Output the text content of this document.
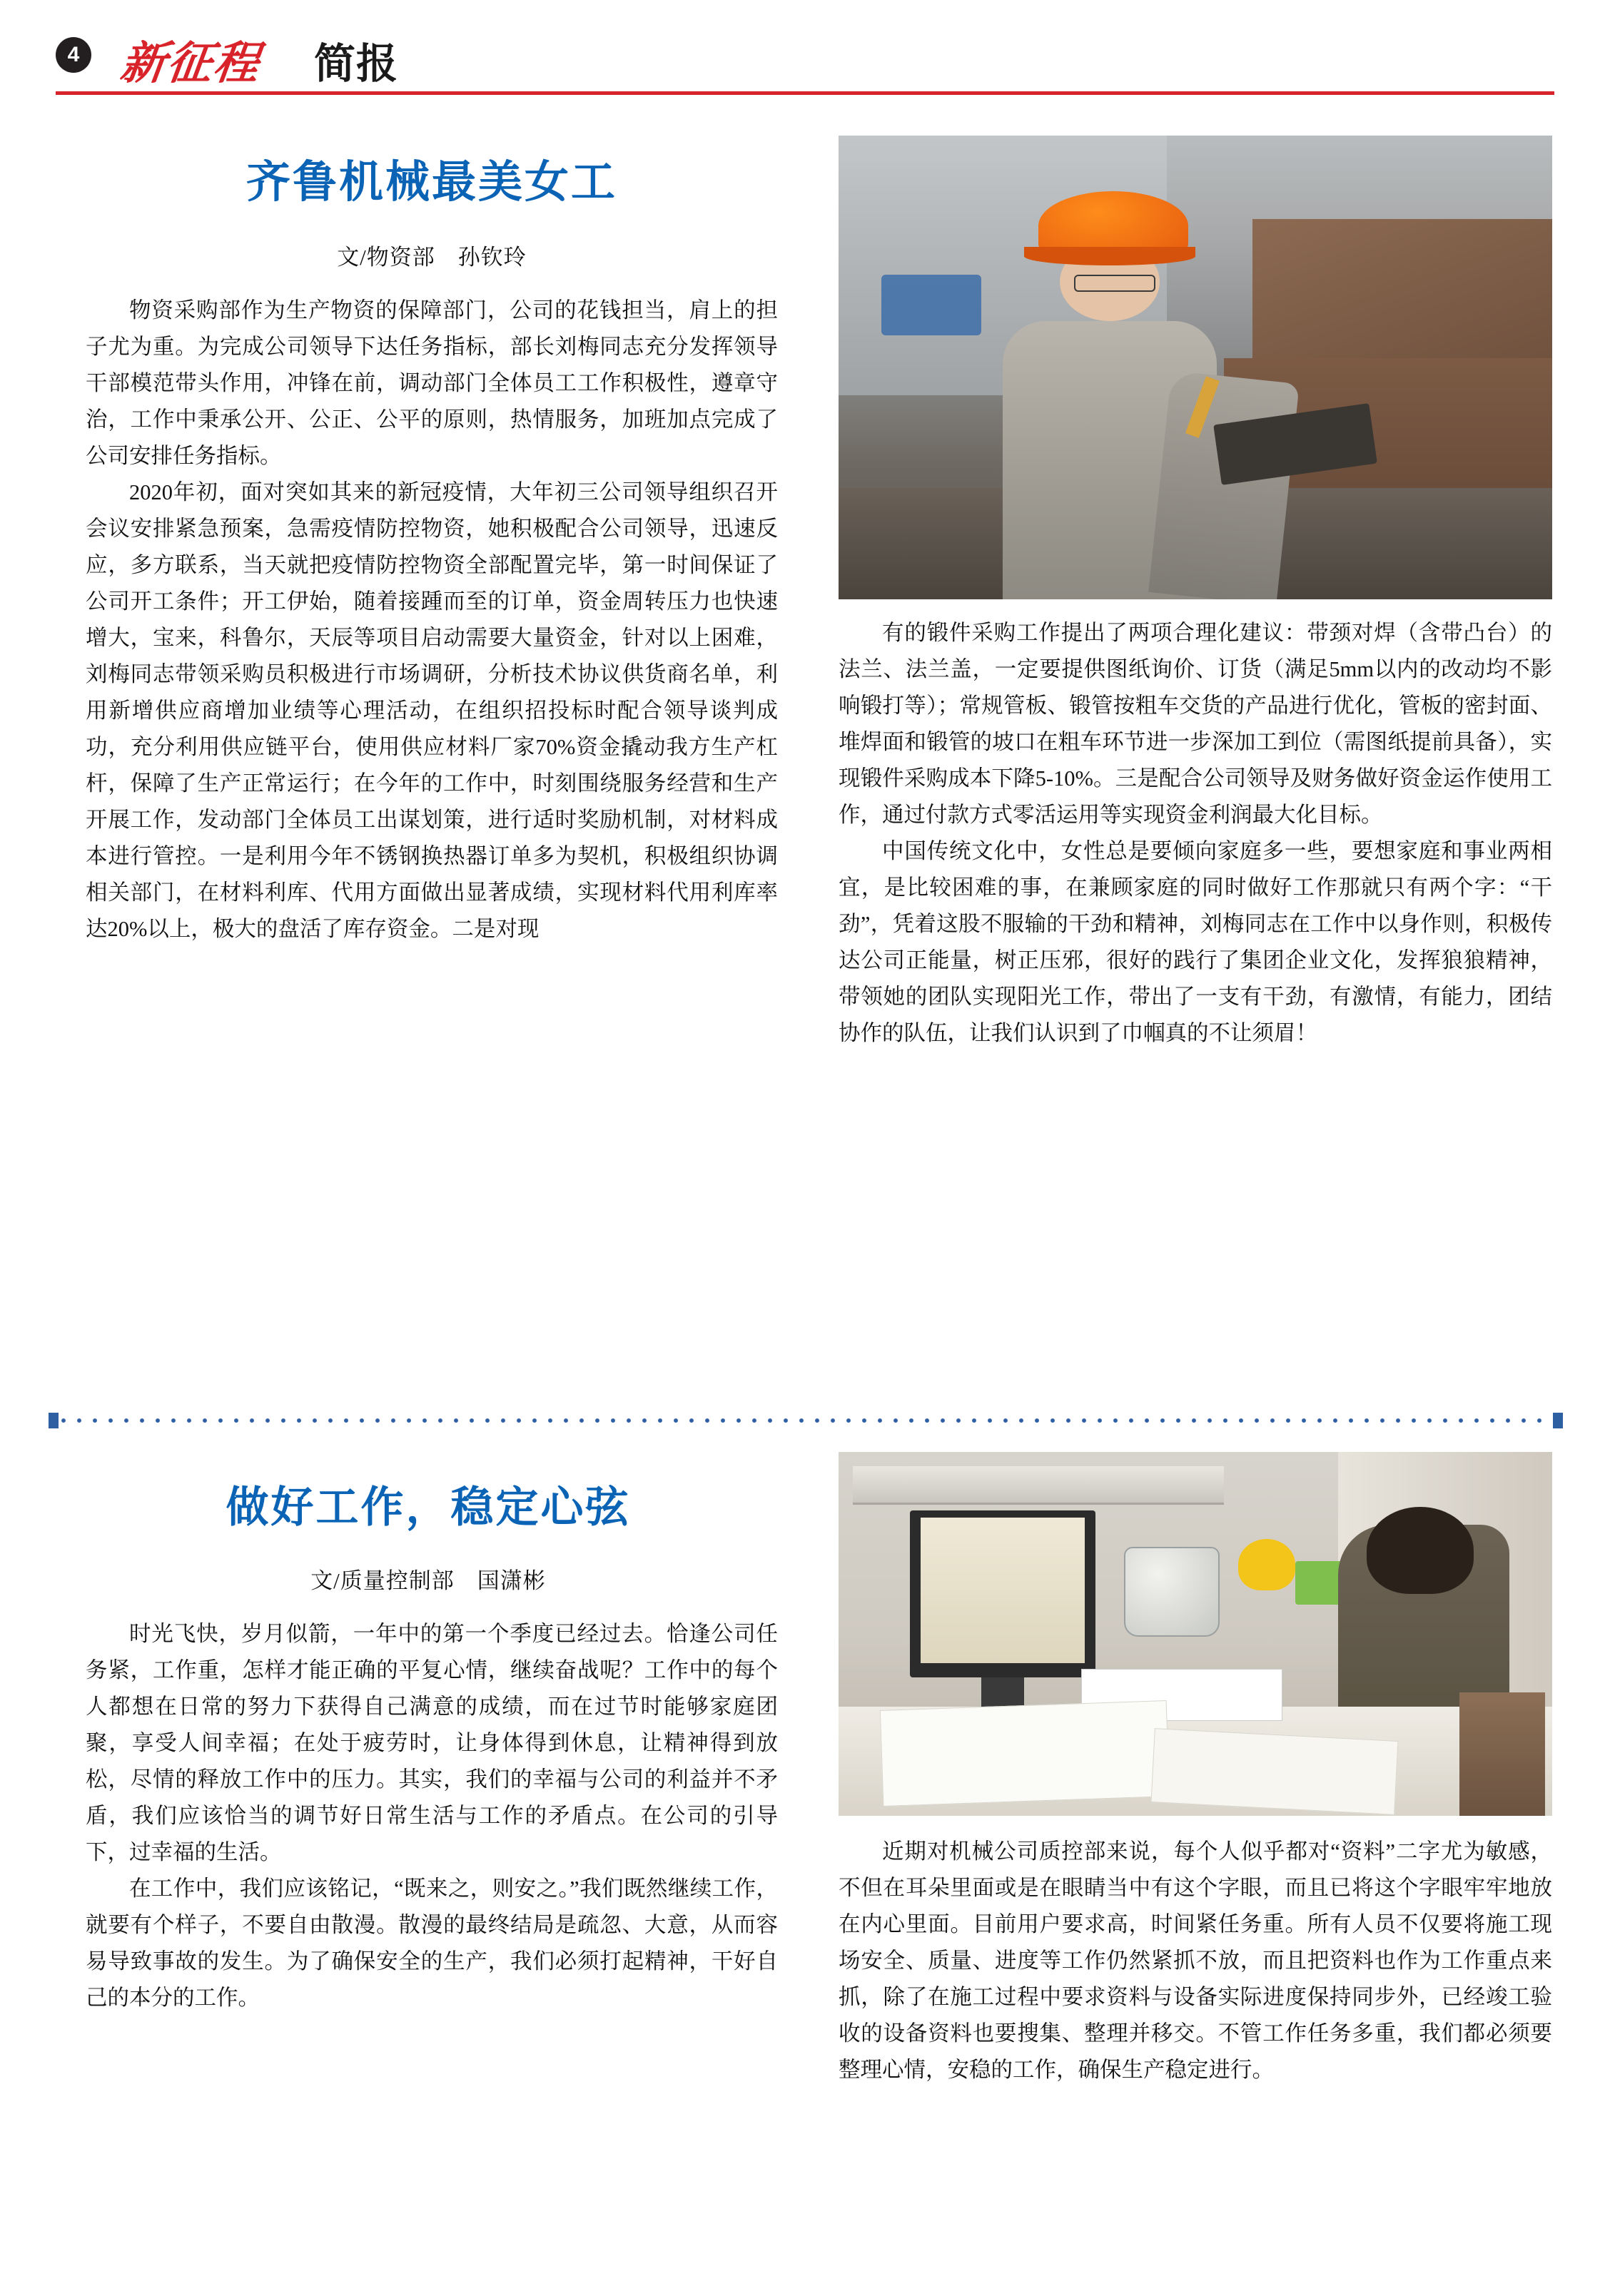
4 新征程 简报
齐鲁机械最美女工
文/物资部　孙钦玲

物资采购部作为生产物资的保障部门，公司的花钱担当，肩上的担子尤为重。为完成公司领导下达任务指标，部长刘梅同志充分发挥领导干部模范带头作用，冲锋在前，调动部门全体员工工作积极性，遵章守治，工作中秉承公开、公正、公平的原则，热情服务，加班加点完成了公司安排任务指标。

2020年初，面对突如其来的新冠疫情，大年初三公司领导组织召开会议安排紧急预案，急需疫情防控物资，她积极配合公司领导，迅速反应，多方联系，当天就把疫情防控物资全部配置完毕，第一时间保证了公司开工条件；开工伊始，随着接踵而至的订单，资金周转压力也快速增大，宝来，科鲁尔，天辰等项目启动需要大量资金，针对以上困难，刘梅同志带领采购员积极进行市场调研，分析技术协议供货商名单，利用新增供应商增加业绩等心理活动，在组织招投标时配合领导谈判成功，充分利用供应链平台，使用供应材料厂家70%资金撬动我方生产杠杆，保障了生产正常运行；在今年的工作中，时刻围绕服务经营和生产开展工作，发动部门全体员工出谋划策，进行适时奖励机制，对材料成本进行管控。一是利用今年不锈钢换热器订单多为契机，积极组织协调相关部门，在材料利库、代用方面做出显著成绩，实现材料代用利库率达20%以上，极大的盘活了库存资金。二是对现

有的锻件采购工作提出了两项合理化建议：带颈对焊（含带凸台）的法兰、法兰盖，一定要提供图纸询价、订货（满足5mm以内的改动均不影响锻打等）；常规管板、锻管按粗车交货的产品进行优化，管板的密封面、堆焊面和锻管的坡口在粗车环节进一步深加工到位（需图纸提前具备），实现锻件采购成本下降5-10%。三是配合公司领导及财务做好资金运作使用工作，通过付款方式零活运用等实现资金利润最大化目标。

中国传统文化中，女性总是要倾向家庭多一些，要想家庭和事业两相宜，是比较困难的事，在兼顾家庭的同时做好工作那就只有两个字：“干劲”，凭着这股不服输的干劲和精神，刘梅同志在工作中以身作则，积极传达公司正能量，树正压邪，很好的践行了集团企业文化，发挥狼狼精神，带领她的团队实现阳光工作，带出了一支有干劲，有激情，有能力，团结协作的队伍，让我们认识到了巾帼真的不让须眉！

做好工作，稳定心弦
文/质量控制部　国潇彬

时光飞快，岁月似箭，一年中的第一个季度已经过去。恰逢公司任务紧，工作重，怎样才能正确的平复心情，继续奋战呢？工作中的每个人都想在日常的努力下获得自己满意的成绩，而在过节时能够家庭团聚，享受人间幸福；在处于疲劳时，让身体得到休息，让精神得到放松，尽情的释放工作中的压力。其实，我们的幸福与公司的利益并不矛盾，我们应该恰当的调节好日常生活与工作的矛盾点。在公司的引导下，过幸福的生活。

在工作中，我们应该铭记，“既来之，则安之。”我们既然继续工作，就要有个样子，不要自由散漫。散漫的最终结局是疏忽、大意，从而容易导致事故的发生。为了确保安全的生产，我们必须打起精神，干好自己的本分的工作。

近期对机械公司质控部来说，每个人似乎都对“资料”二字尤为敏感，不但在耳朵里面或是在眼睛当中有这个字眼，而且已将这个字眼牢牢地放在内心里面。目前用户要求高，时间紧任务重。所有人员不仅要将施工现场安全、质量、进度等工作仍然紧抓不放，而且把资料也作为工作重点来抓，除了在施工过程中要求资料与设备实际进度保持同步外，已经竣工验收的设备资料也要搜集、整理并移交。不管工作任务多重，我们都必须要整理心情，安稳的工作，确保生产稳定进行。
